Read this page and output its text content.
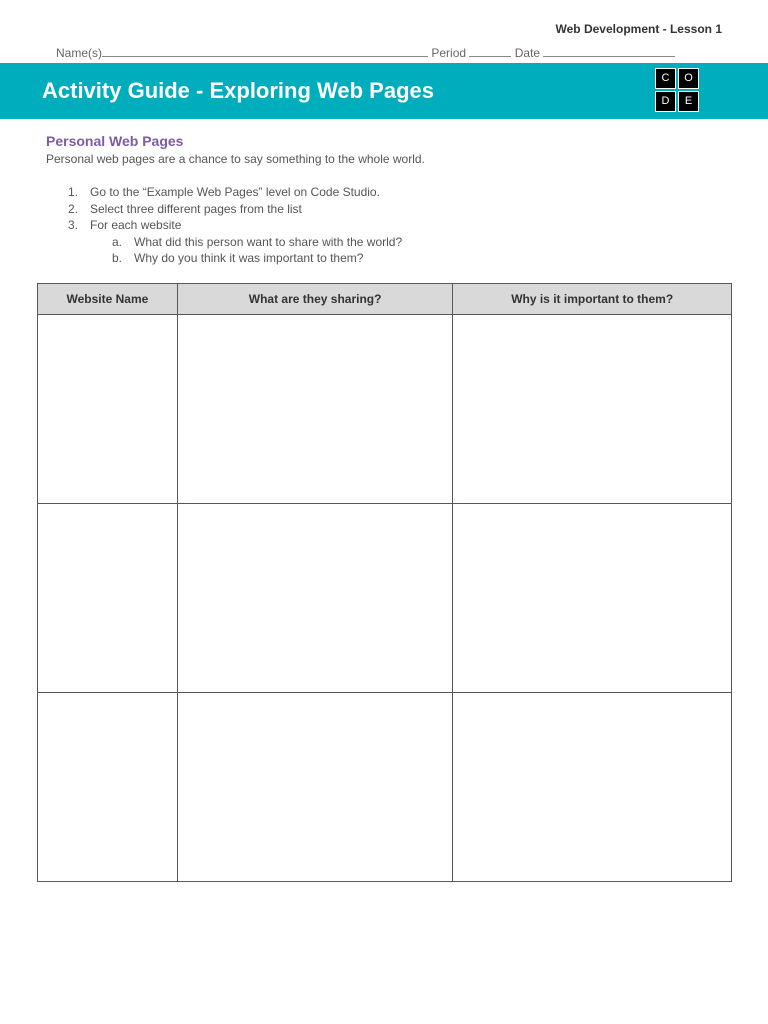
Web Development - Lesson 1
Name(s)	Period	Date
Activity Guide - Exploring Web Pages	C	O
D	E
Personal Web Pages
Personal web pages are a chance to say something to the whole world.
1. Go to the “Example Web Pages” level on Code Studio.
2. Select three different pages from the list
3. For each website
a. What did this person want to share with the world?
b. Why do you think it was important to them?
Website Name	What are they sharing?	Why is it important to them?
